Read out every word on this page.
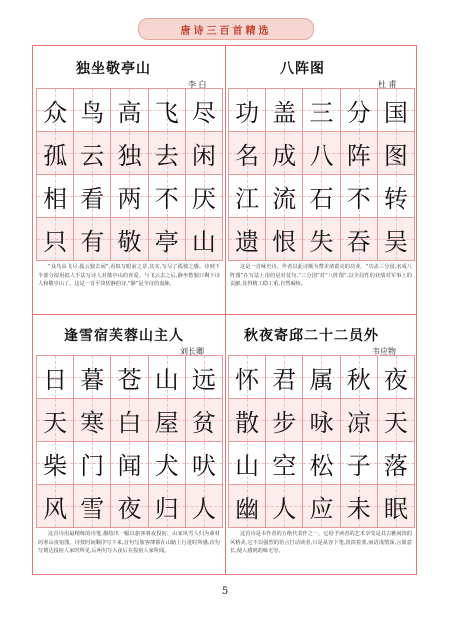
唐诗三百首精选
独坐敬亭山
李 白
众 鸟 高 飞 尽
孤 云 独 去 闲
相 看 两 不 厌
只 有 敬 亭 山
“众鸟高飞尽,孤云独去闲”,看似写眼前之景,其实,写尽了孤独之感。诗到下半部分拟用拟人手法写诗人对敬亭山的喜爱。与飞云去之后,静坐愁独只剩下诗人和敬亭山了。这是一首平淡恬静的诗,“静”是全诗的血脉。
八阵图
杜 甫
功 盖 三 分 国
名 成 八 阵 图
江 流 石 不 转
遗 恨 失 吞 吴
这是一首咏史诗。作者以此诗颇为赞美诸葛亮的功业。“功盖三分国,名成八阵图”在写法上用的是对仗句,“三分国”对“八阵图”,以全局性的业绩对军事上的贡献,显得精工稳工重,自然凝练。
逢雪宿芙蓉山主人
刘长卿
日 暮 苍 山 远
天 寒 白 屋 贫
柴 门 闻 犬 吠
风 雪 夜 归 人
这首诗用最精练的诗笔,描绘出一幅以旅客暮夜投宿、山家风雪人归为素材的寒山夜宿图。诗按时间顺序写下来,首句写旅客薄暮在山路上行进时所感,次句写到达投宿人家时所见,后两句写入夜后在投宿人家所闻。
秋夜寄邱二十二员外
韦应物
怀 君 属 秋 夜
散 步 咏 凉 天
山 空 松 子 落
幽 人 应 未 眠
这首诗是韦作者的五绝代表作之一。它给予读者的艺术享受是其古雅闲淡的风格美,它不以强烈的语言打动读者,只是从容下笔,淡淡着墨,而语浅情深,言简意长,使人感到韵味无穷。
5
